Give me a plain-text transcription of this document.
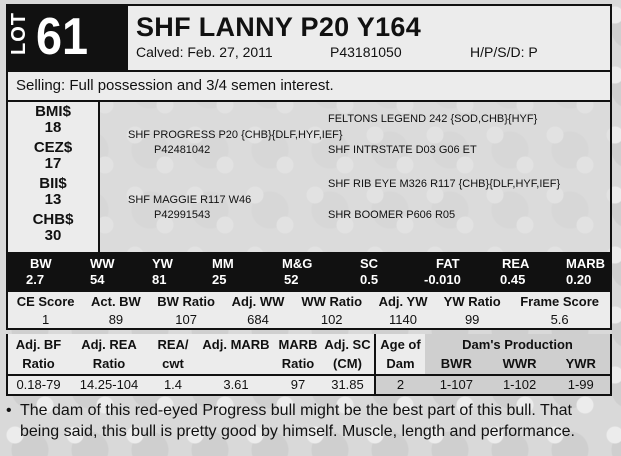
LOT 61 SHF LANNY P20 Y164
Calved: Feb. 27, 2011	P43181050	H/P/S/D: P
Selling: Full possession and 3/4 semen interest.
BMI$
18
CEZ$
17
BII$
13
CHB$
30
FELTONS LEGEND 242 {SOD,CHB}{HYF}
SHF PROGRESS P20 {CHB}{DLF,HYF,IEF}
P42481042	SHF INTRSTATE D03 G06 ET
SHF RIB EYE M326 R117 {CHB}{DLF,HYF,IEF}
SHF MAGGIE R117 W46
P42991543	SHR BOOMER P606 R05
BW	WW	YW	MM	M&G	SC	FAT	REA	MARB
2.7	54	81	25	52	0.5	-0.010	0.45	0.20
CE Score	Act. BW	BW Ratio	Adj. WW	WW Ratio	Adj. YW	YW Ratio	Frame Score
1	89	107	684	102	1140	99	5.6
Adj. BF	Adj. REA	REA/	Adj. MARB	MARB	Adj. SC	Age of	Dam's Production		
Ratio	Ratio	cwt		Ratio	(CM)	Dam	BWR	WWR	YWR
0.18-79	14.25-104	1.4	3.61	97	31.85	2	1-107	1-102	1-99
• The dam of this red-eyed Progress bull might be the best part of this bull. That
being said, this bull is pretty good by himself. Muscle, length and performance.
